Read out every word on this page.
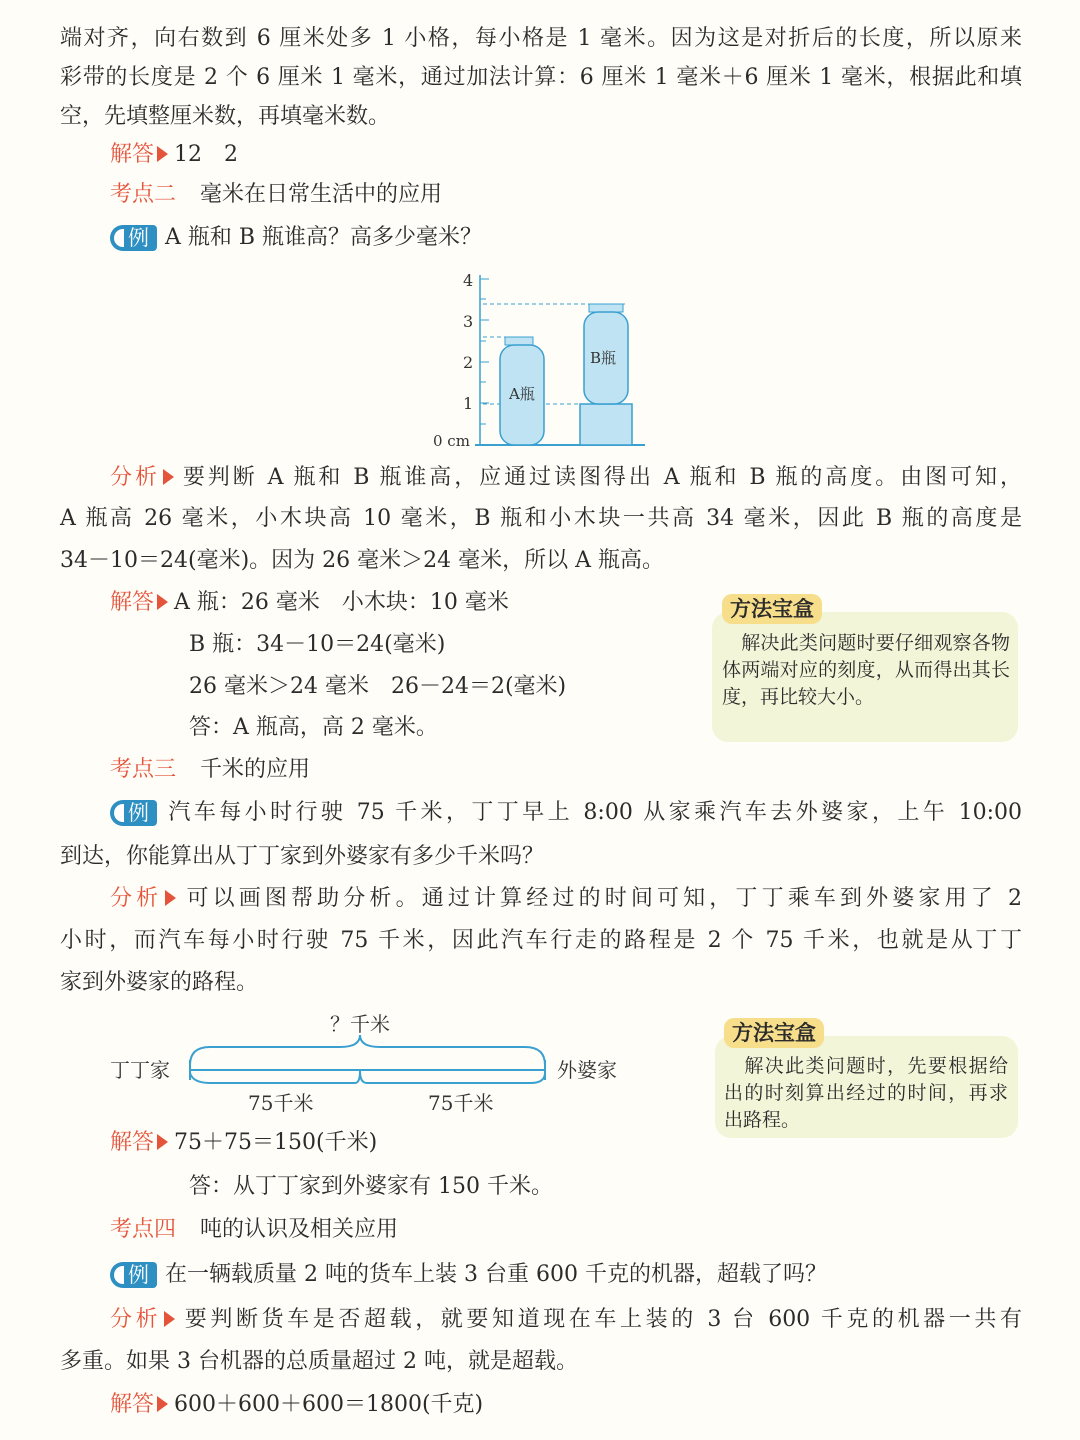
端对齐，向右数到 6 厘米处多 1 小格，每小格是 1 毫米。因为这是对折后的长度，所以原来
彩带的长度是 2 个 6 厘米 1 毫米，通过加法计算：6 厘米 1 毫米＋6 厘米 1 毫米，根据此和填
空，先填整厘米数，再填毫米数。
解答 12　2
考点二 毫米在日常生活中的应用
例 A 瓶和 B 瓶谁高？高多少毫米？
4
3
2
1
0 cm
A瓶
B瓶
分析 要判断 A 瓶和 B 瓶谁高，应通过读图得出 A 瓶和 B 瓶的高度。由图可知，
A 瓶高 26 毫米，小木块高 10 毫米，B 瓶和小木块一共高 34 毫米，因此 B 瓶的高度是
34－10＝24(毫米)。因为 26 毫米＞24 毫米，所以 A 瓶高。
解答 A 瓶：26 毫米　小木块：10 毫米
B 瓶：34－10＝24(毫米)
26 毫米＞24 毫米　26－24＝2(毫米)
答：A 瓶高，高 2 毫米。
方法宝盒
　解决此类问题时要仔细观察各物体两端对应的刻度，从而得出其长度，再比较大小。
考点三 千米的应用
例 汽车每小时行驶 75 千米，丁丁早上 8:00 从家乘汽车去外婆家，上午 10:00
到达，你能算出从丁丁家到外婆家有多少千米吗？
分析 可以画图帮助分析。通过计算经过的时间可知，丁丁乘车到外婆家用了 2
小时，而汽车每小时行驶 75 千米，因此汽车行走的路程是 2 个 75 千米，也就是从丁丁
家到外婆家的路程。
？千米
丁丁家	外婆家
75千米	75千米
方法宝盒
　解决此类问题时，先要根据给出的时刻算出经过的时间，再求出路程。
解答 75＋75＝150(千米)
答：从丁丁家到外婆家有 150 千米。
考点四 吨的认识及相关应用
例 在一辆载质量 2 吨的货车上装 3 台重 600 千克的机器，超载了吗？
分析 要判断货车是否超载，就要知道现在车上装的 3 台 600 千克的机器一共有
多重。如果 3 台机器的总质量超过 2 吨，就是超载。
解答 600＋600＋600＝1800(千克)
